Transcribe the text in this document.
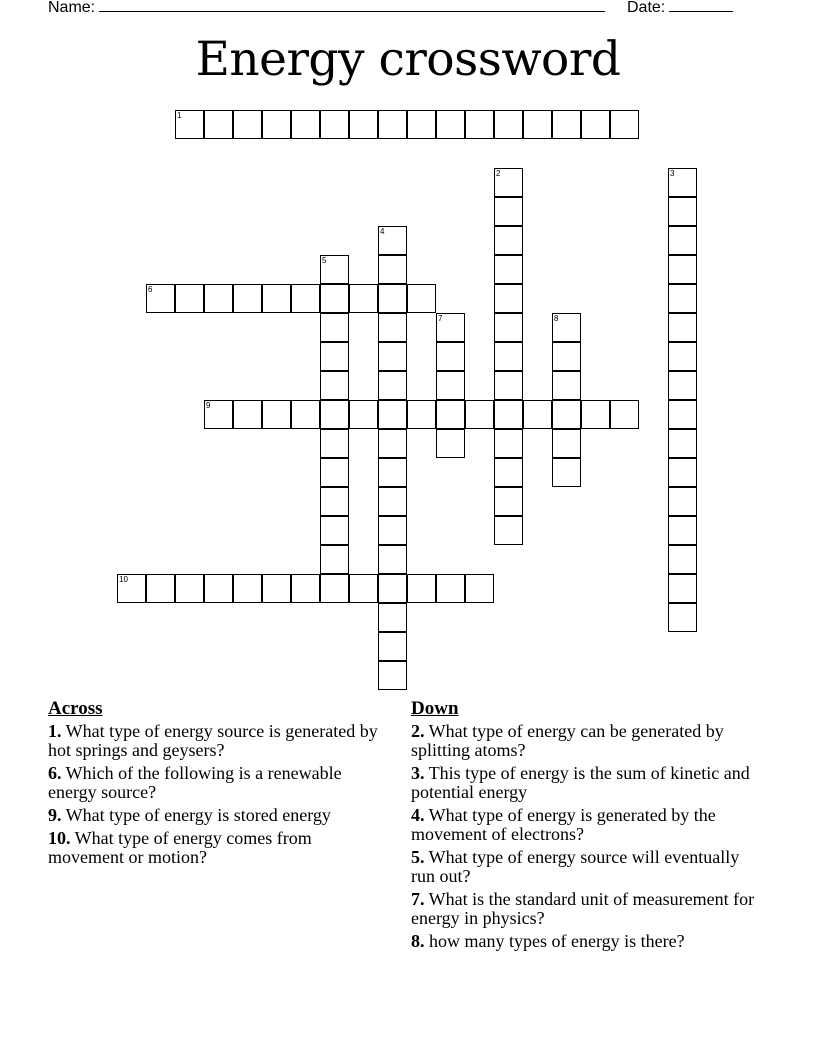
Name:	Date:
Energy crossword
1
6
9
10
2	3
4
5
7	8
Across
1. What type of energy source is generated by hot springs and geysers?
6. Which of the following is a renewable energy source?
9. What type of energy is stored energy
10. What type of energy comes from movement or motion?
Down
2. What type of energy can be generated by splitting atoms?
3. This type of energy is the sum of kinetic and potential energy
4. What type of energy is generated by the movement of electrons?
5. What type of energy source will eventually run out?
7. What is the standard unit of measurement for energy in physics?
8. how many types of energy is there?
